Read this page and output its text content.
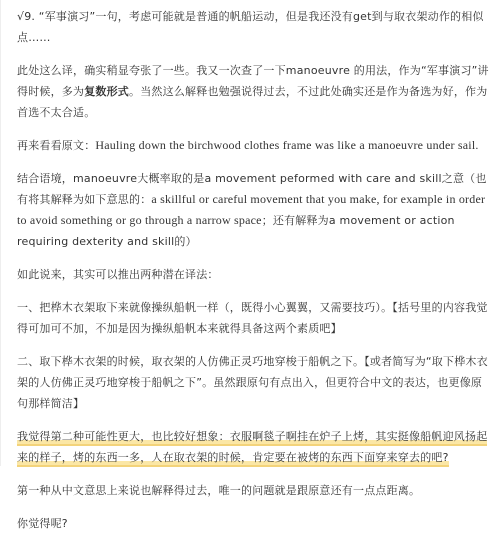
√9. “军事演习”一句，考虑可能就是普通的帆船运动，但是我还没有get到与取衣架动作的相似点……

此处这么译，确实稍显夸张了一些。我又一次查了一下manoeuvre 的用法，作为“军事演习”讲得时候，多为复数形式。当然这么解释也勉强说得过去，不过此处确实还是作为备选为好，作为首选不太合适。

再来看看原文：Hauling down the birchwood clothes frame was like a manoeuvre under sail.

结合语境，manoeuvre大概率取的是a movement peformed with care and skill之意（也有将其解释为如下意思的：a skillful or careful movement that you make, for example in order to avoid something or go through a narrow space；还有解释为a movement or action requiring dexterity and skill的）

如此说来，其实可以推出两种潜在译法：

一、把桦木衣架取下来就像操纵船帆一样（，既得小心翼翼，又需要技巧）。【括号里的内容我觉得可加可不加，不加是因为操纵船帆本来就得具备这两个素质吧】

二、取下桦木衣架的时候，取衣架的人仿佛正灵巧地穿梭于船帆之下。【或者简写为“取下桦木衣架的人仿佛正灵巧地穿梭于船帆之下”。虽然跟原句有点出入，但更符合中文的表达，也更像原句那样简洁】

我觉得第二种可能性更大，也比较好想象：衣服啊毯子啊挂在炉子上烤，其实挺像船帆迎风扬起来的样子，烤的东西一多，人在取衣架的时候，肯定要在被烤的东西下面穿来穿去的吧?

第一种从中文意思上来说也解释得过去，唯一的问题就是跟原意还有一点点距离。

你觉得呢?
